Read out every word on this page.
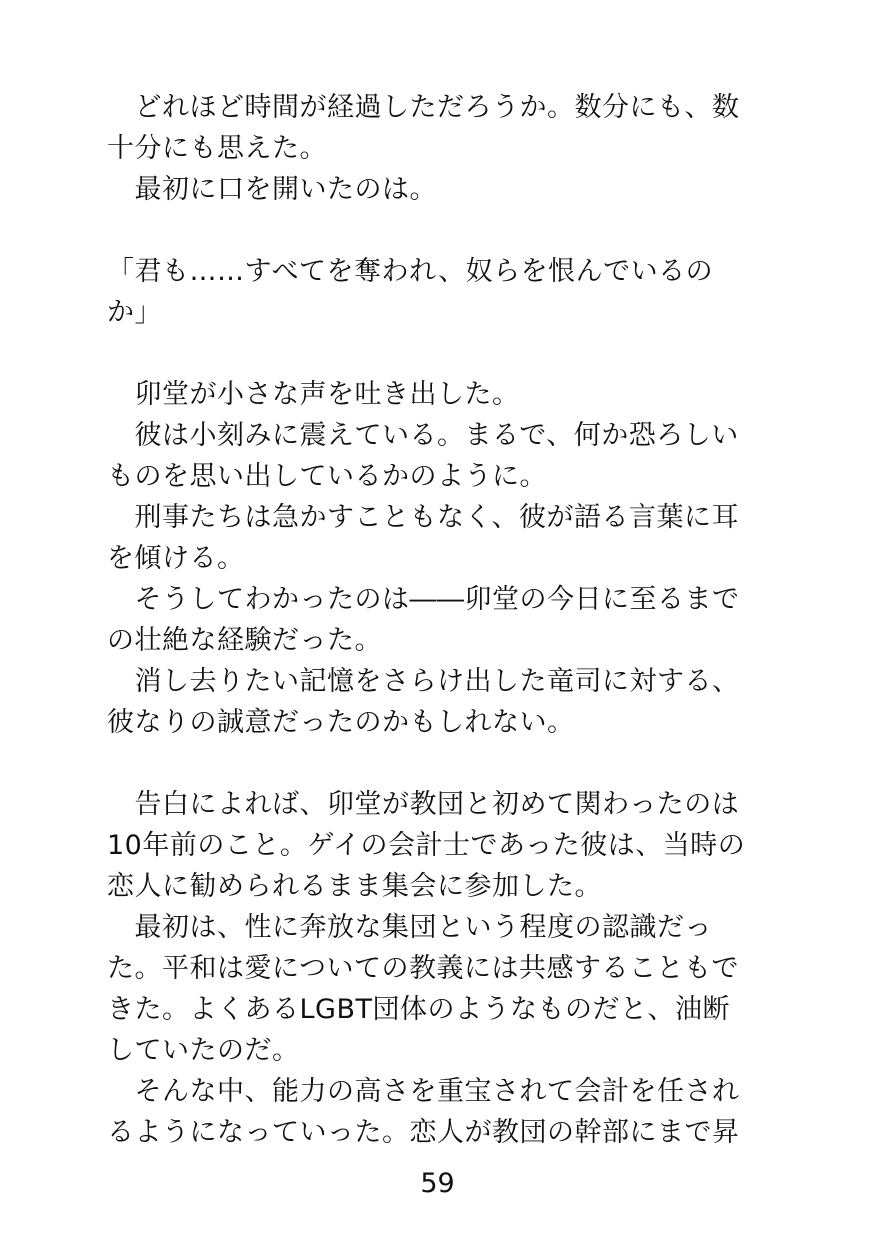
　どれほど時間が経過しただろうか。数分にも、数
十分にも思えた。
　最初に口を開いたのは。
「君も……すべてを奪われ、奴らを恨んでいるの
か」
　卯堂が小さな声を吐き出した。
　彼は小刻みに震えている。まるで、何か恐ろしい
ものを思い出しているかのように。
　刑事たちは急かすこともなく、彼が語る言葉に耳
を傾ける。
　そうしてわかったのは――卯堂の今日に至るまで
の壮絶な経験だった。
　消し去りたい記憶をさらけ出した竜司に対する、
彼なりの誠意だったのかもしれない。
　告白によれば、卯堂が教団と初めて関わったのは
10年前のこと。ゲイの会計士であった彼は、当時の
恋人に勧められるまま集会に参加した。
　最初は、性に奔放な集団という程度の認識だっ
た。平和は愛についての教義には共感することもで
きた。よくあるLGBT団体のようなものだと、油断
していたのだ。
　そんな中、能力の高さを重宝されて会計を任され
るようになっていった。恋人が教団の幹部にまで昇
59
